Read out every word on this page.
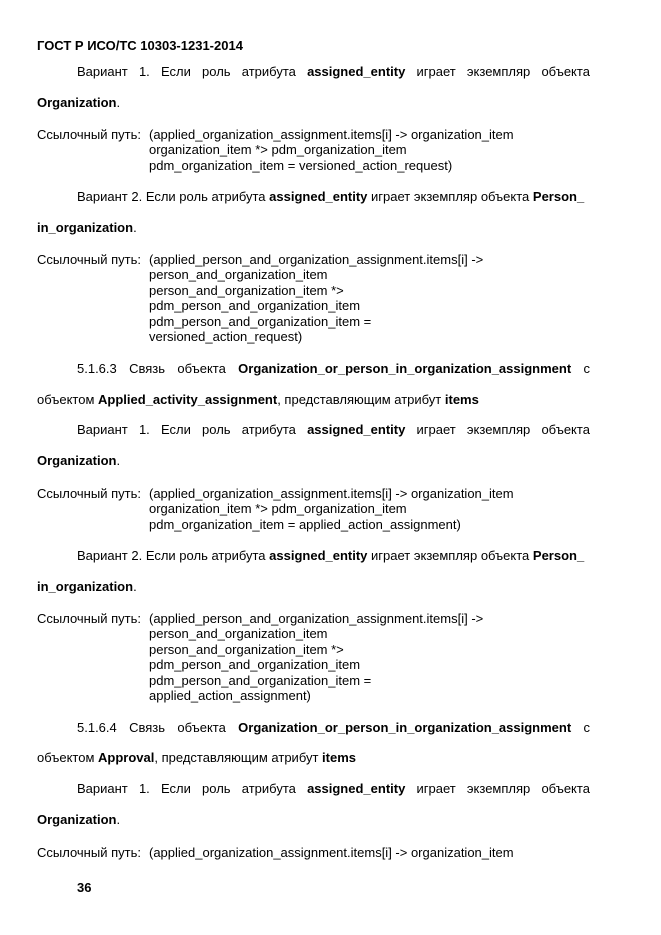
ГОСТ Р ИСО/ТС 10303-1231-2014
Вариант 1. Если роль атрибута assigned_entity играет экземпляр объекта
Organization.
Ссылочный путь: (applied_organization_assignment.items[i] -> organization_item
organization_item *> pdm_organization_item
pdm_organization_item = versioned_action_request)
Вариант 2. Если роль атрибута assigned_entity играет экземпляр объекта Person_
in_organization.
Ссылочный путь: (applied_person_and_organization_assignment.items[i] ->
person_and_organization_item
person_and_organization_item *>
pdm_person_and_organization_item
pdm_person_and_organization_item =
versioned_action_request)
5.1.6.3 Связь объекта Organization_or_person_in_organization_assignment с
объектом Applied_activity_assignment, представляющим атрибут items
Вариант 1. Если роль атрибута assigned_entity играет экземпляр объекта
Organization.
Ссылочный путь: (applied_organization_assignment.items[i] -> organization_item
organization_item *> pdm_organization_item
pdm_organization_item = applied_action_assignment)
Вариант 2. Если роль атрибута assigned_entity играет экземпляр объекта Person_
in_organization.
Ссылочный путь: (applied_person_and_organization_assignment.items[i] ->
person_and_organization_item
person_and_organization_item *>
pdm_person_and_organization_item
pdm_person_and_organization_item =
applied_action_assignment)
5.1.6.4 Связь объекта Organization_or_person_in_organization_assignment с
объектом Approval, представляющим атрибут items
Вариант 1. Если роль атрибута assigned_entity играет экземпляр объекта
Organization.
Ссылочный путь: (applied_organization_assignment.items[i] -> organization_item
36
